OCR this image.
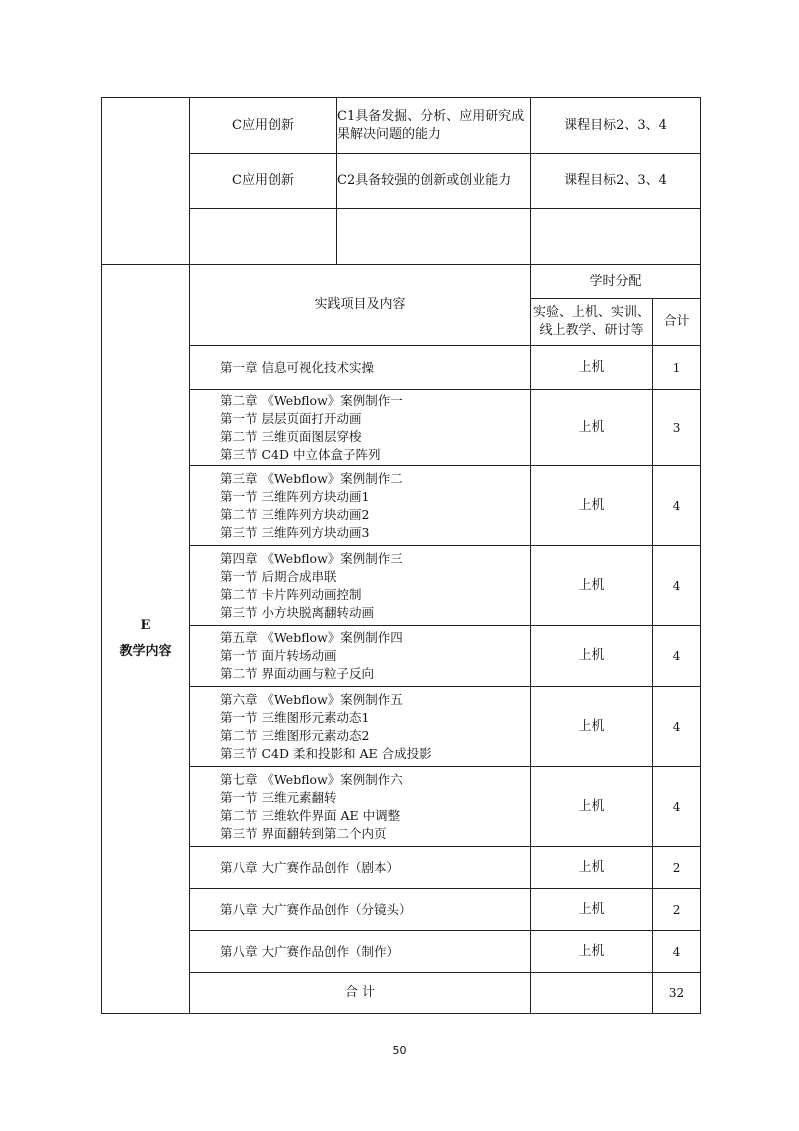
	C应用创新	C1具备发掘、分析、应用研究成果解决问题的能力	课程目标2、3、4	
	C应用创新	C2具备较强的创新或创业能力	课程目标2、3、4	

E
教学内容	实践项目及内容		学时分配	
			实验、上机、实训、线上教学、研讨等	合计

	第一章 信息可视化技术实操		上机	1

	第二章 《Webflow》案例制作一
第一节 层层页面打开动画
第二节 三维页面图层穿梭
第三节 C4D 中立体盒子阵列		上机	3

	第三章 《Webflow》案例制作二
第一节 三维阵列方块动画1
第二节 三维阵列方块动画2
第三节 三维阵列方块动画3		上机	4

	第四章 《Webflow》案例制作三
第一节 后期合成串联
第二节 卡片阵列动画控制
第三节 小方块脱离翻转动画		上机	4

	第五章 《Webflow》案例制作四
第一节 面片转场动画
第二节 界面动画与粒子反向		上机	4

	第六章 《Webflow》案例制作五
第一节 三维图形元素动态1
第二节 三维图形元素动态2
第三节 C4D 柔和投影和 AE 合成投影		上机	4

	第七章 《Webflow》案例制作六
第一节 三维元素翻转
第二节 三维软件界面 AE 中调整
第三节 界面翻转到第二个内页		上机	4

	第八章 大广赛作品创作（剧本）		上机	2

	第八章 大广赛作品创作（分镜头）		上机	2

	第八章 大广赛作品创作（制作）		上机	4
	合 计			32
50
